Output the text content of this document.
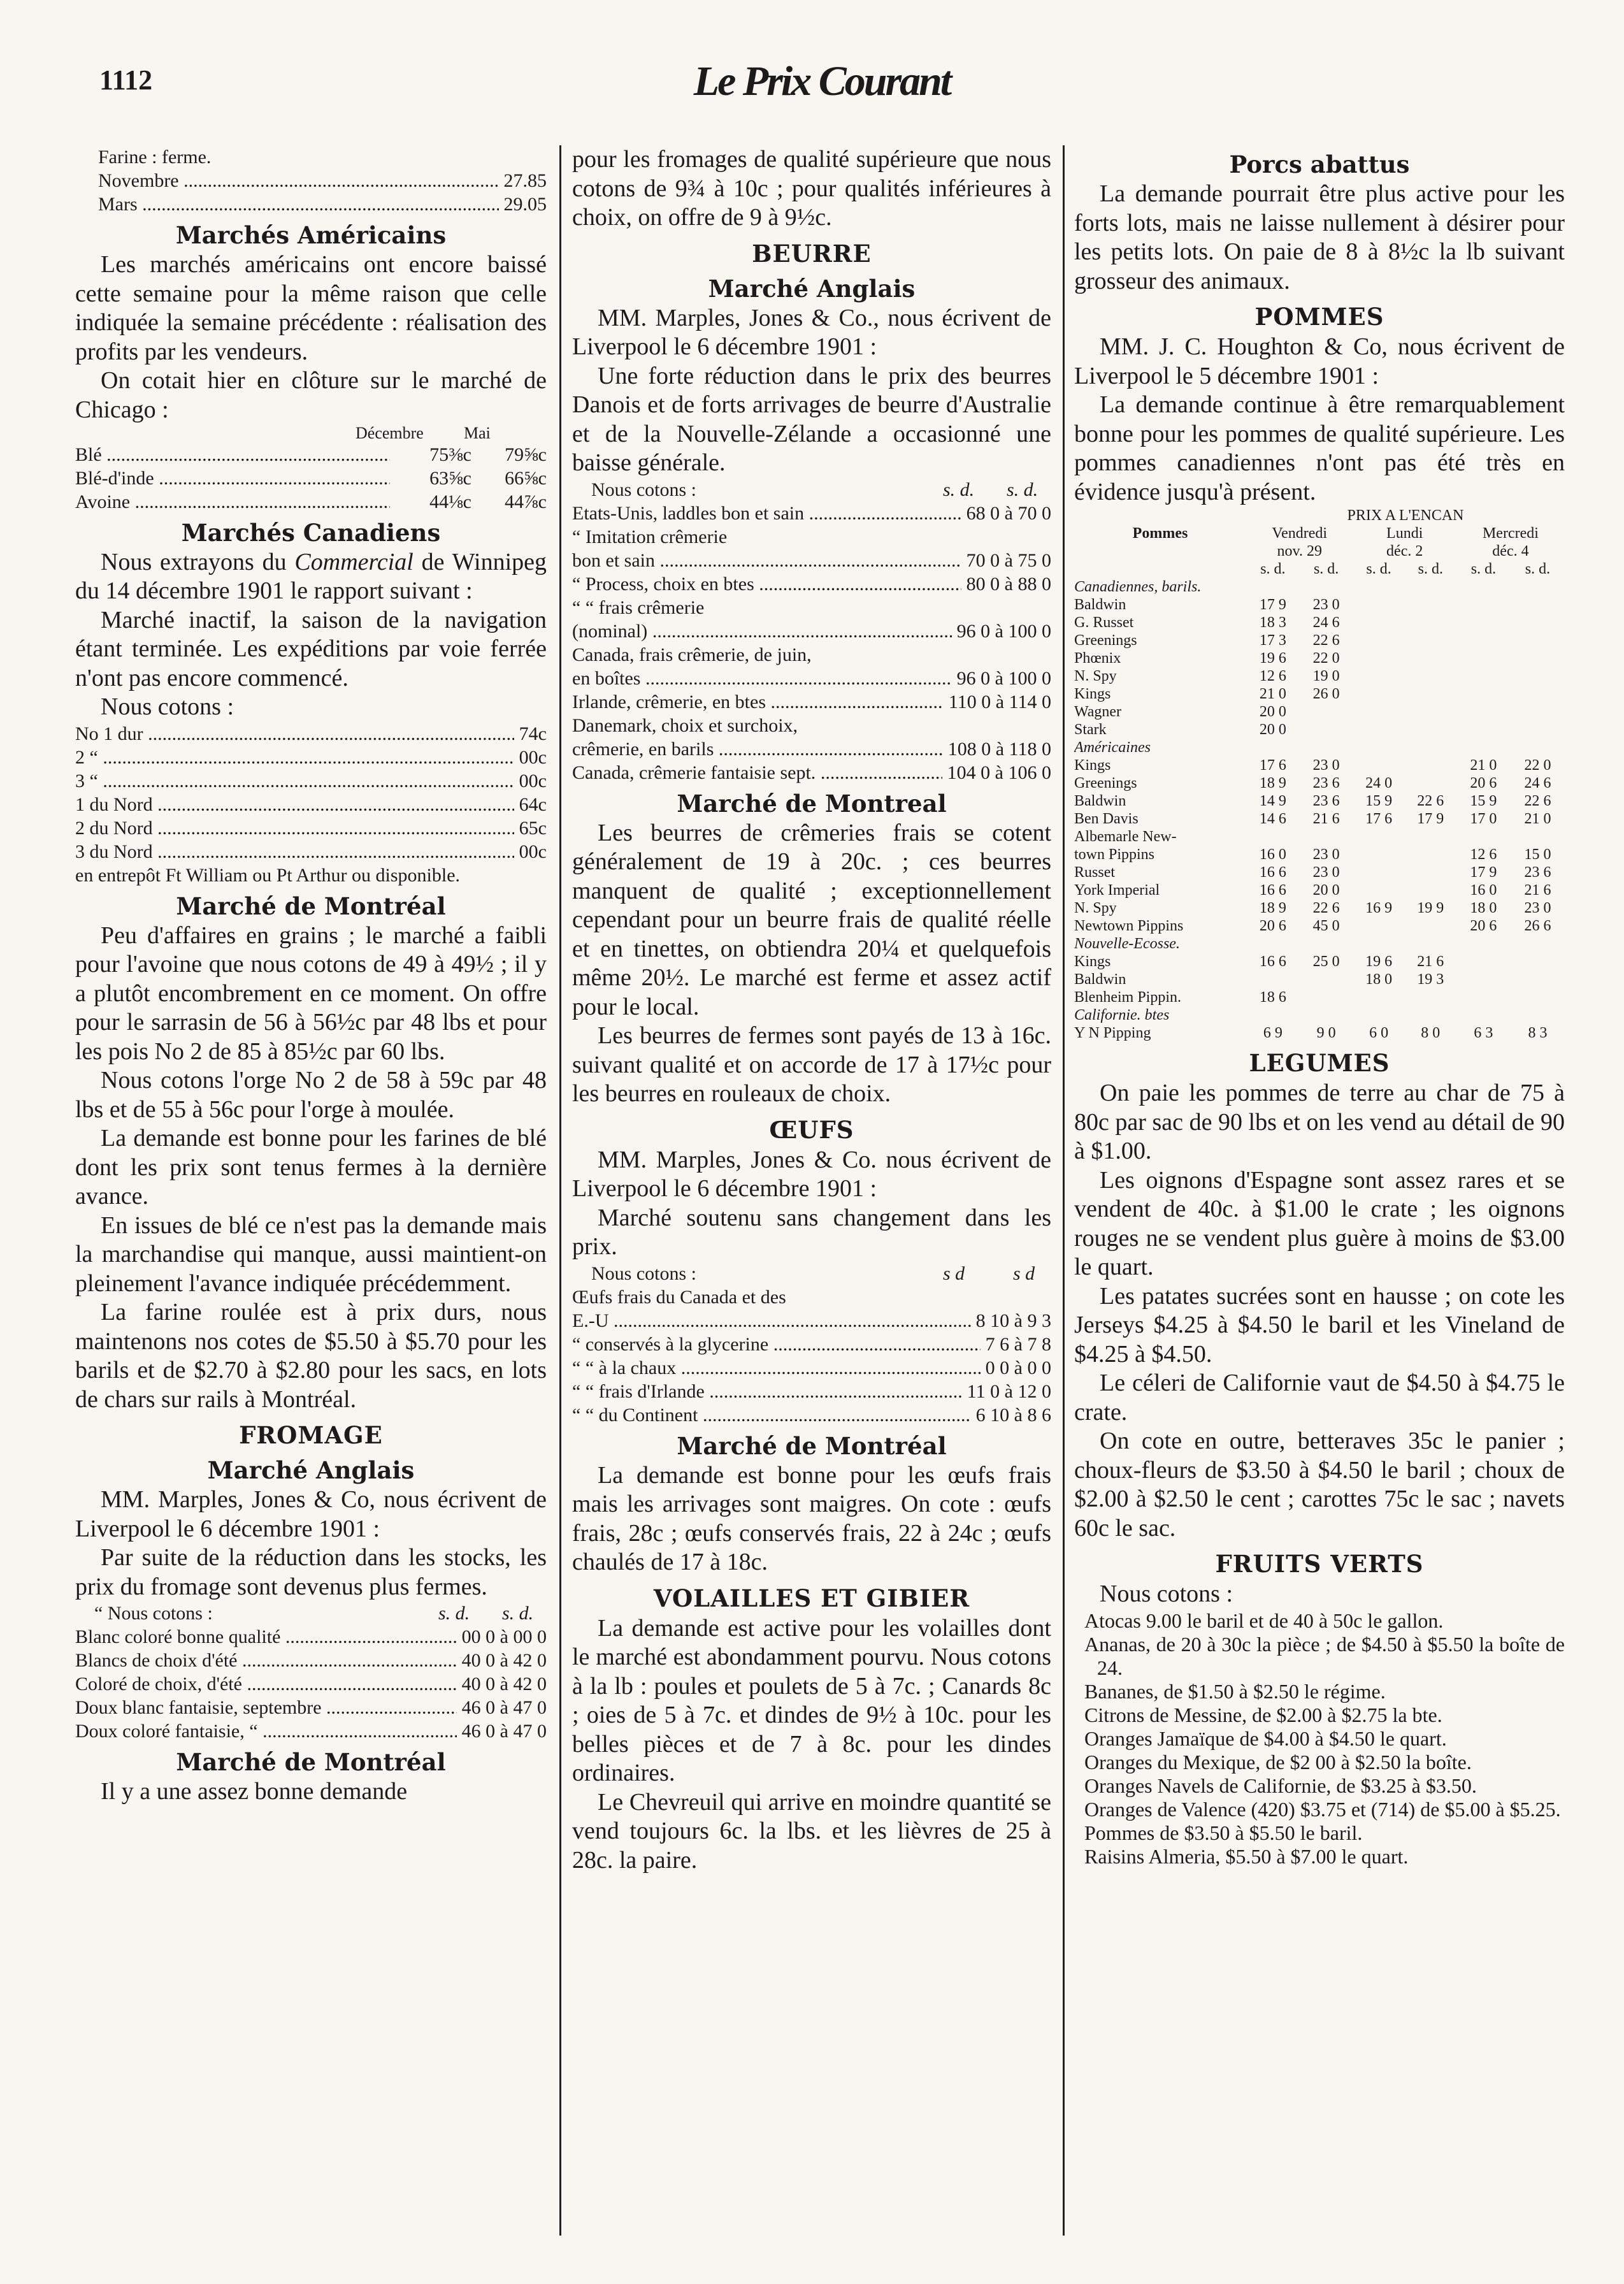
1112	Le Prix Courant
Farine : ferme.
Novembre .....	27.85
Mars .....	29.05
Marchés Américains

Les marchés américains ont encore baissé cette semaine pour la même raison que celle indiquée la semaine précédente : réalisation des profits par les vendeurs.

On cotait hier en clôture sur le marché de Chicago :

Décembre	Mai
Blé .....	75⅜c	79⅝c
Blé-d'inde .....	63⅝c	66⅝c
Avoine .....	44⅛c	44⅞c
Marchés Canadiens

Nous extrayons du Commercial de Winnipeg du 14 décembre 1901 le rapport suivant :

Marché inactif, la saison de la navigation étant terminée. Les expéditions par voie ferrée n'ont pas encore commencé.

Nous cotons :

No 1 dur .....	74c
2 “ .....	00c
3 “ .....	00c
1 du Nord .....	64c
2 du Nord .....	65c
3 du Nord .....	00c

en entrepôt Ft William ou Pt Arthur ou disponible.

Marché de Montréal

Peu d'affaires en grains ; le marché a faibli pour l'avoine que nous cotons de 49 à 49½ ; il y a plutôt encombrement en ce moment. On offre pour le sarrasin de 56 à 56½c par 48 lbs et pour les pois No 2 de 85 à 85½c par 60 lbs.

Nous cotons l'orge No 2 de 58 à 59c par 48 lbs et de 55 à 56c pour l'orge à moulée.

La demande est bonne pour les farines de blé dont les prix sont tenus fermes à la dernière avance.

En issues de blé ce n'est pas la demande mais la marchandise qui manque, aussi maintient-on pleinement l'avance indiquée précédemment.

La farine roulée est à prix durs, nous maintenons nos cotes de $5.50 à $5.70 pour les barils et de $2.70 à $2.80 pour les sacs, en lots de chars sur rails à Montréal.

FROMAGE
Marché Anglais

MM. Marples, Jones & Co, nous écrivent de Liverpool le 6 décembre 1901 :

Par suite de la réduction dans les stocks, les prix du fromage sont devenus plus fermes.

“ Nous cotons :	s. d.	s. d.
Blanc coloré bonne qualité .....	00 0 à 00 0
Blancs de choix d'été .....	40 0 à 42 0
Coloré de choix, d'été .....	40 0 à 42 0
Doux blanc fantaisie, septembre .....	46 0 à 47 0
Doux coloré fantaisie, “ .....	46 0 à 47 0
Marché de Montréal

Il y a une assez bonne demande

pour les fromages de qualité supérieure que nous cotons de 9¾ à 10c ; pour qualités inférieures à choix, on offre de 9 à 9½c.

BEURRE
Marché Anglais

MM. Marples, Jones & Co., nous écrivent de Liverpool le 6 décembre 1901 :

Une forte réduction dans le prix des beurres Danois et de forts arrivages de beurre d'Australie et de la Nouvelle-Zélande a occasionné une baisse générale.

Nous cotons :	s. d.	s. d.
Etats-Unis, laddles bon et sain .....	68 0 à 70 0
“ Imitation crêmerie
bon et sain .....	70 0 à 75 0
“ Process, choix en btes .....	80 0 à 88 0
“ “ frais crêmerie
(nominal) .....	96 0 à 100 0
Canada, frais crêmerie, de juin,
en boîtes .....	96 0 à 100 0
Irlande, crêmerie, en btes .....	110 0 à 114 0
Danemark, choix et surchoix,
crêmerie, en barils .....	108 0 à 118 0
Canada, crêmerie fantaisie sept. .....	104 0 à 106 0
Marché de Montreal

Les beurres de crêmeries frais se cotent généralement de 19 à 20c. ; ces beurres manquent de qualité ; exceptionnellement cependant pour un beurre frais de qualité réelle et en tinettes, on obtiendra 20¼ et quelquefois même 20½. Le marché est ferme et assez actif pour le local.

Les beurres de fermes sont payés de 13 à 16c. suivant qualité et on accorde de 17 à 17½c pour les beurres en rouleaux de choix.

ŒUFS

MM. Marples, Jones & Co. nous écrivent de Liverpool le 6 décembre 1901 :

Marché soutenu sans changement dans les prix.

Nous cotons :	s d	s d
Œufs frais du Canada et des
E.-U .....	8 10 à 9 3
“ conservés à la glycerine .....	7 6 à 7 8
“ “ à la chaux .....	0 0 à 0 0
“ “ frais d'Irlande .....	11 0 à 12 0
“ “ du Continent .....	6 10 à 8 6
Marché de Montréal

La demande est bonne pour les œufs frais mais les arrivages sont maigres. On cote : œufs frais, 28c ; œufs conservés frais, 22 à 24c ; œufs chaulés de 17 à 18c.

VOLAILLES ET GIBIER

La demande est active pour les volailles dont le marché est abondamment pourvu. Nous cotons à la lb : poules et poulets de 5 à 7c. ; Canards 8c ; oies de 5 à 7c. et dindes de 9½ à 10c. pour les belles pièces et de 7 à 8c. pour les dindes ordinaires.

Le Chevreuil qui arrive en moindre quantité se vend toujours 6c. la lbs. et les lièvres de 25 à 28c. la paire.

Porcs abattus

La demande pourrait être plus active pour les forts lots, mais ne laisse nullement à désirer pour les petits lots. On paie de 8 à 8½c la lb suivant grosseur des animaux.

POMMES

MM. J. C. Houghton & Co, nous écrivent de Liverpool le 5 décembre 1901 :

La demande continue à être remarquablement bonne pour les pommes de qualité supérieure. Les pommes canadiennes n'ont pas été très en évidence jusqu'à présent.

	PRIX A L'ENCAN					
Pommes	Vendredi		Lundi		Mercredi	
	nov. 29		déc. 2		déc. 4	
	s. d.	s. d.	s. d.	s. d.	s. d.	s. d.
Canadiennes, barils.						
Baldwin	17 9	23 0				
G. Russet	18 3	24 6				
Greenings	17 3	22 6				
Phœnix	19 6	22 0				
N. Spy	12 6	19 0				
Kings	21 0	26 0				
Wagner	20 0					
Stark	20 0					
Américaines						
Kings	17 6	23 0			21 0	22 0
Greenings	18 9	23 6	24 0		20 6	24 6
Baldwin	14 9	23 6	15 9	22 6	15 9	22 6
Ben Davis	14 6	21 6	17 6	17 9	17 0	21 0
Albemarle New-						
town Pippins	16 0	23 0			12 6	15 0
Russet	16 6	23 0			17 9	23 6
York Imperial	16 6	20 0			16 0	21 6
N. Spy	18 9	22 6	16 9	19 9	18 0	23 0
Newtown Pippins	20 6	45 0			20 6	26 6
Nouvelle-Ecosse.						
Kings	16 6	25 0	19 6	21 6		
Baldwin			18 0	19 3		
Blenheim Pippin.	18 6					
Californie. btes						
Y N Pipping	6 9	9 0	6 0	8 0	6 3	8 3
LEGUMES

On paie les pommes de terre au char de 75 à 80c par sac de 90 lbs et on les vend au détail de 90 à $1.00.

Les oignons d'Espagne sont assez rares et se vendent de 40c. à $1.00 le crate ; les oignons rouges ne se vendent plus guère à moins de $3.00 le quart.

Les patates sucrées sont en hausse ; on cote les Jerseys $4.25 à $4.50 le baril et les Vineland de $4.25 à $4.50.

Le céleri de Californie vaut de $4.50 à $4.75 le crate.

On cote en outre, betteraves 35c le panier ; choux-fleurs de $3.50 à $4.50 le baril ; choux de $2.00 à $2.50 le cent ; carottes 75c le sac ; navets 60c le sac.

FRUITS VERTS

Nous cotons :

Atocas 9.00 le baril et de 40 à 50c le gallon.

Ananas, de 20 à 30c la pièce ; de $4.50 à $5.50 la boîte de 24.

Bananes, de $1.50 à $2.50 le régime.

Citrons de Messine, de $2.00 à $2.75 la bte.

Oranges Jamaïque de $4.00 à $4.50 le quart.

Oranges du Mexique, de $2 00 à $2.50 la boîte.

Oranges Navels de Californie, de $3.25 à $3.50.

Oranges de Valence (420) $3.75 et (714) de $5.00 à $5.25.

Pommes de $3.50 à $5.50 le baril.

Raisins Almeria, $5.50 à $7.00 le quart.
